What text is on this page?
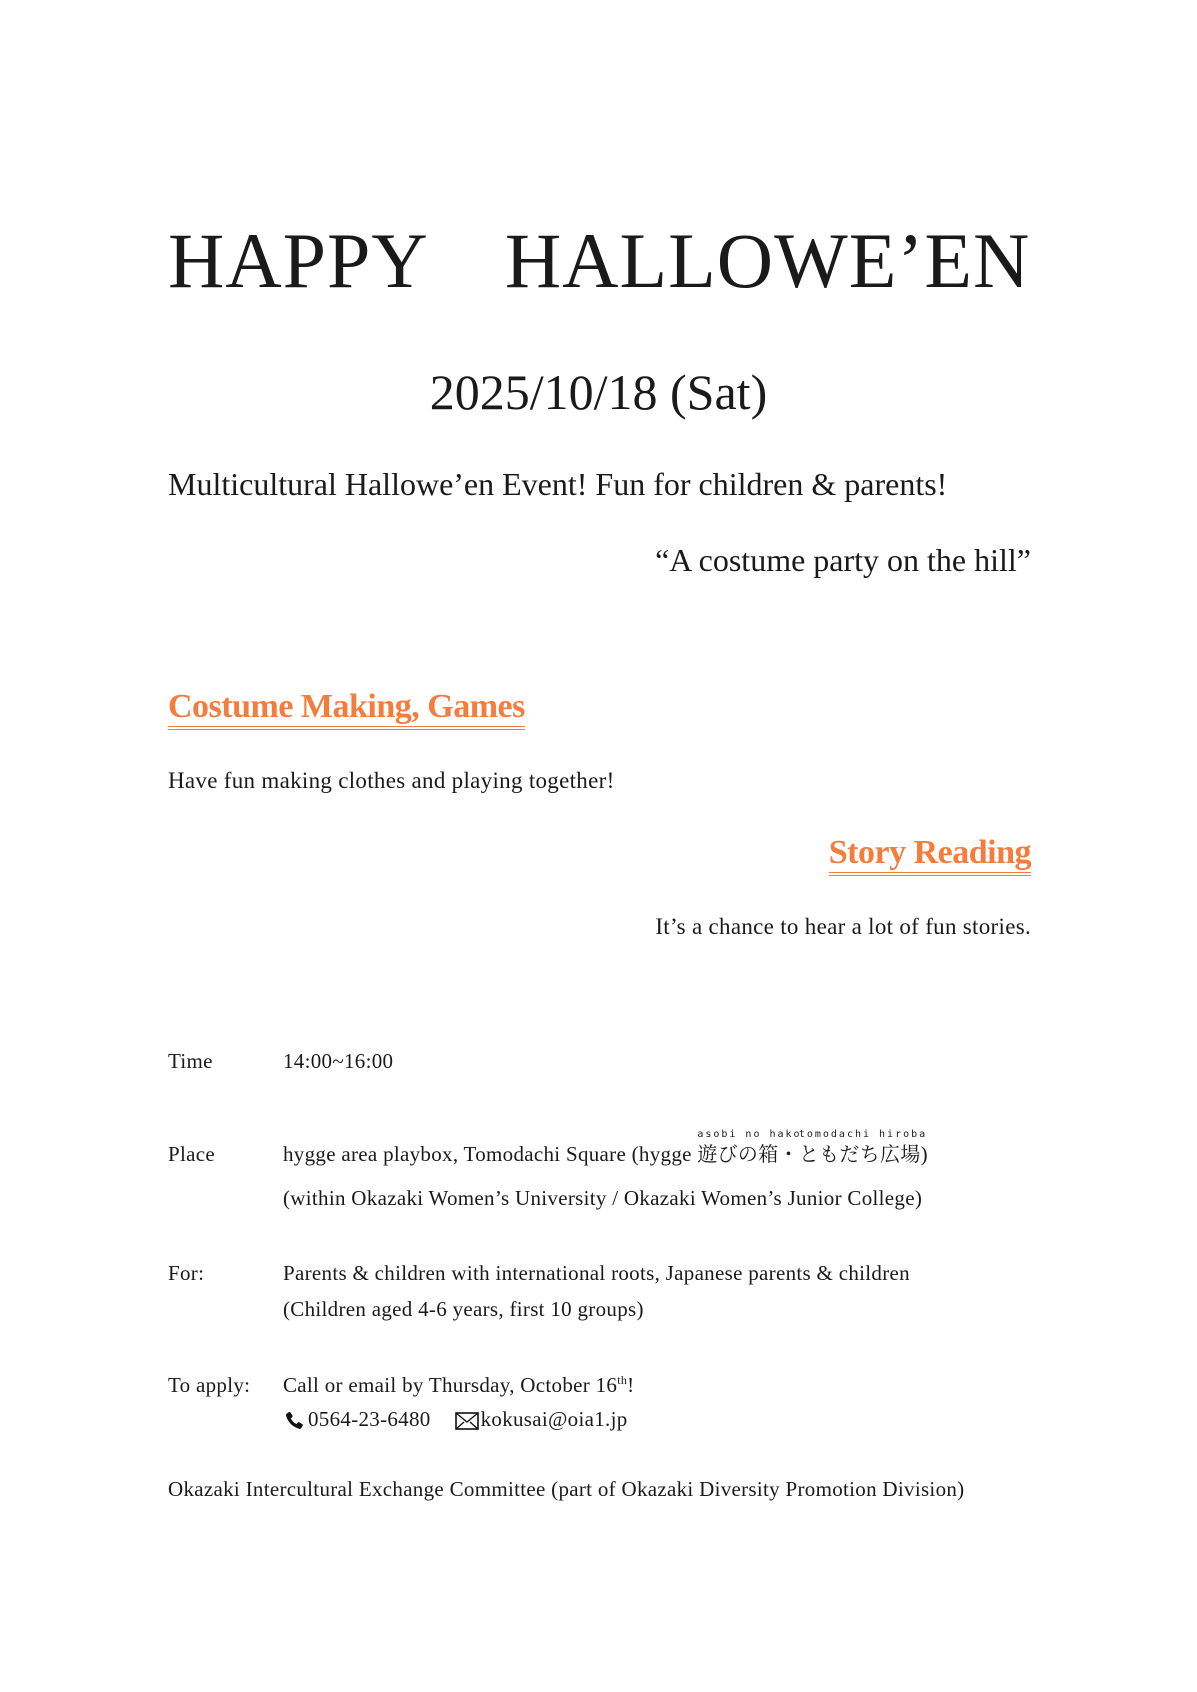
HAPPY　HALLOWE’EN
2025/10/18 (Sat)
Multicultural Hallowe’en Event! Fun for children & parents!
“A costume party on the hill”
Costume Making, Games
Have fun making clothes and playing together!
Story Reading
It’s a chance to hear a lot of fun stories.
Time	14:00~16:00
Place	hygge area playbox, Tomodachi Square (hygge
asobi no hako
遊びの箱・
tomodachi hiroba
ともだち広場)
(within Okazaki Women’s University / Okazaki Women’s Junior College)
For:	Parents & children with international roots, Japanese parents & children
(Children aged 4-6 years, first 10 groups)
To apply: Call or email by Thursday, October 16th!
0564-23-6480 kokusai@oia1.jp
Okazaki Intercultural Exchange Committee (part of Okazaki Diversity Promotion Division)
